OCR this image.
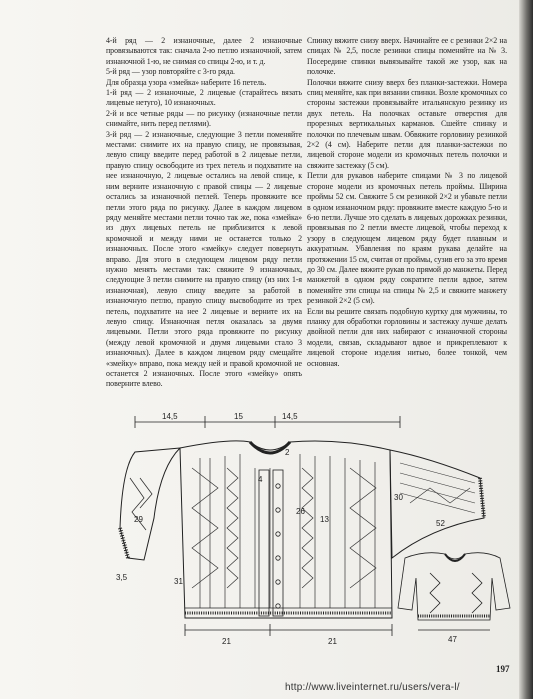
4-й ряд — 2 изнаночные, далее 2 изнаночные провязываются так: сначала 2-ю петлю изнаночной, затем изнаночной 1-ю, не снимая со спицы 2-ю, и т. д.

5-й ряд — узор повторяйте с 3-го ряда.

Для образца узора «змейка» наберите 16 петель.

1-й ряд — 2 изнаночные, 2 лицевые (старайтесь вязать лицевые нетуго), 10 изнаночных.

2-й и все четные ряды — по рисунку (изнаночные петли снимайте, нить перед петлями).

3-й ряд — 2 изнаночные, следующие 3 петли поменяйте местами: снимите их на правую спицу, не провязывая, левую спицу введите перед работой в 2 лицевые петли, правую спицу освободите из трех петель и подхватите на нее изнаночную, 2 лицевые остались на левой спице, к ним верните изнаночную с правой спицы — 2 лицевые остались за изнаночной петлей. Теперь провяжите все петли этого ряда по рисунку. Далее в каждом лицевом ряду меняйте местами петли точно так же, пока «змейка» из двух лицевых петель не приблизится к левой кромочной и между ними не останется только 2 изнаночных. После этого «змейку» следует повернуть вправо. Для этого в следующем лицевом ряду петли нужно менять местами так: свяжите 9 изнаночных, следующие 3 петли снимите на правую спицу (из них 1-я изнаночная), левую спицу введите за работой в изнаночную петлю, правую спицу высвободите из трех петель, подхватите на нее 2 лицевые и верните их на левую спицу. Изнаночная петля оказалась за двумя лицевыми. Петли этого ряда провяжите по рисунку (между левой кромочной и двумя лицевыми стало 3 изнаночных). Далее в каждом лицевом ряду смещайте «змейку» вправо, пока между ней и правой кромочной не останется 2 изнаночных. После этого «змейку» опять поверните влево.

Спинку вяжите снизу вверх. Начинайте ее с резинки 2×2 на спицах № 2,5, после резинки спицы поменяйте на № 3. Посередине спинки вывязывайте такой же узор, как на полочке.

Полочки вяжите снизу вверх без планки-застежки. Номера спиц меняйте, как при вязании спинки. Возле кромочных со стороны застежки провязывайте итальянскую резинку из двух петель. На полочках оставьте отверстия для прорезных вертикальных карманов. Сшейте спинку и полочки по плечевым швам. Обвяжите горловину резинкой 2×2 (4 см). Наберите петли для планки-застежки по лицевой стороне модели из кромочных петель полочки и свяжите застежку (5 см).

Петли для рукавов наберите спицами № 3 по лицевой стороне модели из кромочных петель проймы. Ширина проймы 52 см. Свяжите 5 см резинкой 2×2 и убавьте петли в одном изнаночном ряду: провяжите вместе каждую 5-ю и 6-ю петли. Лучше это сделать в лицевых дорожках резинки, провязывая по 2 петли вместе лицевой, чтобы переход к узору в следующем лицевом ряду будет плавным и аккуратным. Убавления по краям рукава делайте на протяжении 15 см, считая от проймы, сузив его за это время до 30 см. Далее вяжите рукав по прямой до манжеты. Перед манжетой в одном ряду сократите петли вдвое, затем поменяйте эти спицы на спицы № 2,5 и свяжите манжету резинкой 2×2 (5 см).

Если вы решите связать подобную куртку для мужчины, то планку для обработки горловины и застежку лучше делать двойной петли для них набирают с изнаночной стороны модели, связав, складывают вдвое и прикреплевают к лицевой стороне изделия нитью, более тонкой, чем основная.

14,5	15	14,5
4
3,5
29
31
13
21	21
52
26
2
30
47
197
http://www.liveinternet.ru/users/vera-l/
